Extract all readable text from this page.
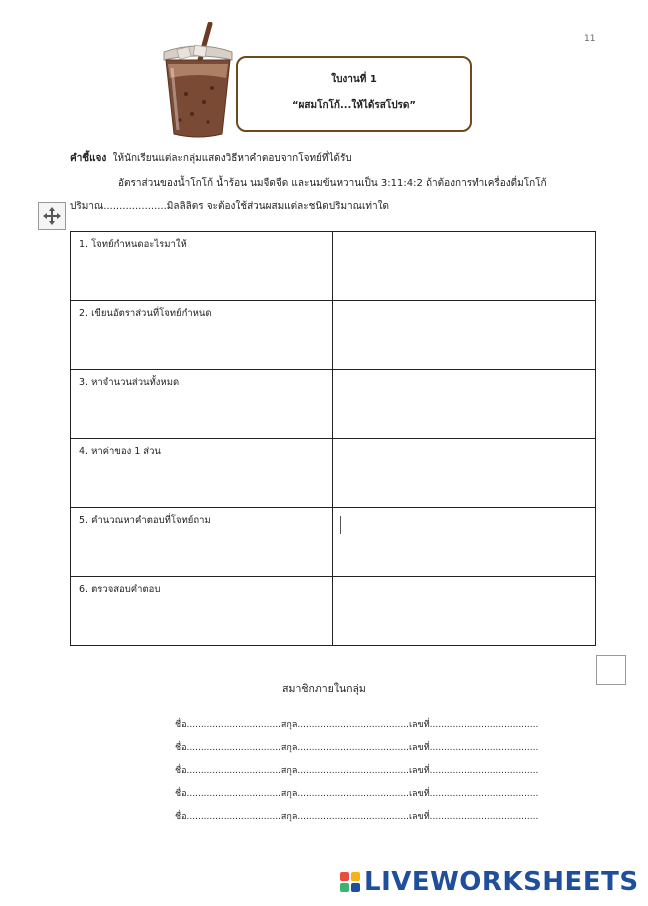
11
ใบงานที่ 1
“ผสมโกโก้...ให้ได้รสโปรด”
คำชี้แจง ให้นักเรียนแต่ละกลุ่มแสดงวิธีหาคำตอบจากโจทย์ที่ได้รับ
อัตราส่วนของน้ำโกโก้ น้ำร้อน นมจืดจืด และนมข้นหวานเป็น 3:11:4:2 ถ้าต้องการทำเครื่องดื่มโกโก้
ปริมาณ....................มิลลิลิตร จะต้องใช้ส่วนผสมแต่ละชนิดปริมาณเท่าใด
1. โจทย์กำหนดอะไรมาให้	
2. เขียนอัตราส่วนที่โจทย์กำหนด	
3. หาจำนวนส่วนทั้งหมด	
4. หาค่าของ 1 ส่วน	
5. คำนวณหาคำตอบที่โจทย์ถาม	
6. ตรวจสอบคำตอบ	
สมาชิกภายในกลุ่ม
ชื่อ.................................สกุล.......................................เลขที่......................................
ชื่อ.................................สกุล.......................................เลขที่......................................
ชื่อ.................................สกุล.......................................เลขที่......................................
ชื่อ.................................สกุล.......................................เลขที่......................................
ชื่อ.................................สกุล.......................................เลขที่......................................
LIVEWORKSHEETS
